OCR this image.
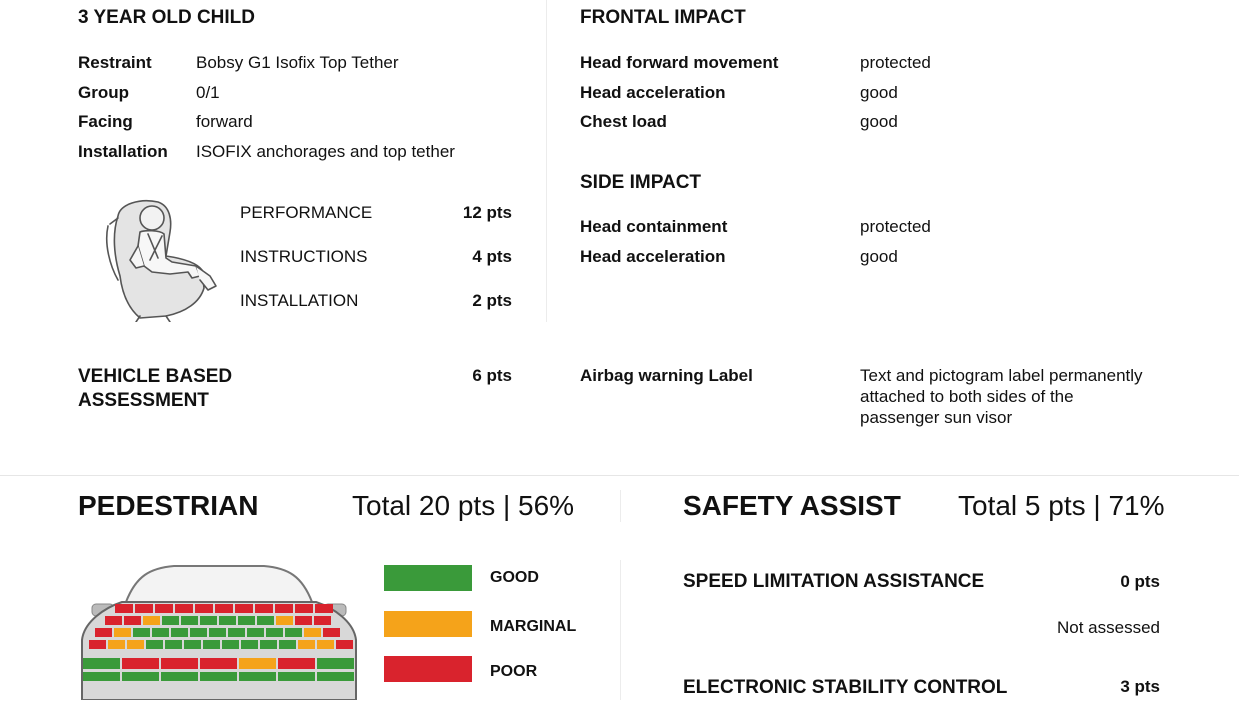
3 YEAR OLD CHILD
Restraint	Bobsy G1 Isofix Top Tether
Group	0/1
Facing	forward
Installation ISOFIX anchorages and top tether
PERFORMANCE	12 pts
INSTRUCTIONS	4 pts
INSTALLATION	2 pts
FRONTAL IMPACT
Head forward movement	protected
Head acceleration	good
Chest load	good
SIDE IMPACT
Head containment	protected
Head acceleration	good
VEHICLE BASED
ASSESSMENT
6 pts	Airbag warning Label	Text and pictogram label permanently
attached to both sides of the
passenger sun visor
PEDESTRIAN	Total 20 pts | 56%
GOOD
MARGINAL
POOR
SAFETY ASSIST Total 5 pts | 71%
SPEED LIMITATION ASSISTANCE	0 pts
Not assessed
ELECTRONIC STABILITY CONTROL	3 pts
